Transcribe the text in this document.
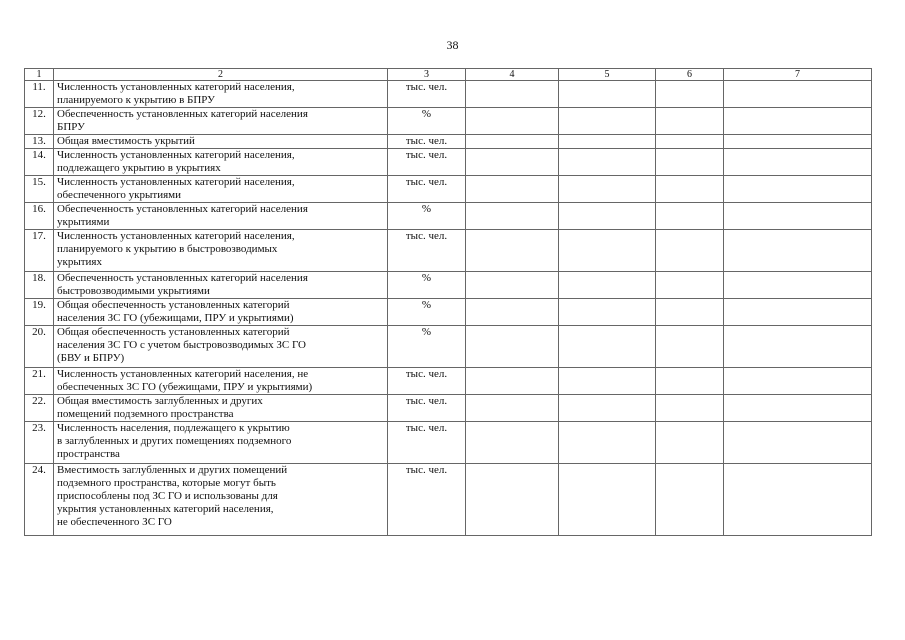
38
1	2	3	4	5	6	7
11.	Численность установленных категорий населения,
планируемого к укрытию в БПРУ	тыс. чел.				
12.	Обеспеченность установленных категорий населения
БПРУ	%				
13.	Общая вместимость укрытий	тыс. чел.				
14.	Численность установленных категорий населения,
подлежащего укрытию в укрытиях	тыс. чел.				
15.	Численность установленных категорий населения,
обеспеченного укрытиями	тыс. чел.				
16.	Обеспеченность установленных категорий населения
укрытиями	%				
17.	Численность установленных категорий населения,
планируемого к укрытию в быстровозводимых
укрытиях	тыс. чел.				
18.	Обеспеченность установленных категорий населения
быстровозводимыми укрытиями	%				
19.	Общая обеспеченность установленных категорий
населения ЗС ГО (убежищами, ПРУ и укрытиями)	%				
20.	Общая обеспеченность установленных категорий
населения ЗС ГО с учетом быстровозводимых ЗС ГО
(БВУ и БПРУ)	%				
21.	Численность установленных категорий населения, не
обеспеченных ЗС ГО (убежищами, ПРУ и укрытиями)	тыс. чел.				
22.	Общая вместимость заглубленных и других
помещений подземного пространства	тыс. чел.				
23.	Численность населения, подлежащего к укрытию
в заглубленных и других помещениях подземного
пространства	тыс. чел.				
24.	Вместимость заглубленных и других помещений
подземного пространства, которые могут быть
приспособлены под ЗС ГО и использованы для
укрытия установленных категорий населения,
не обеспеченного ЗС ГО	тыс. чел.				
